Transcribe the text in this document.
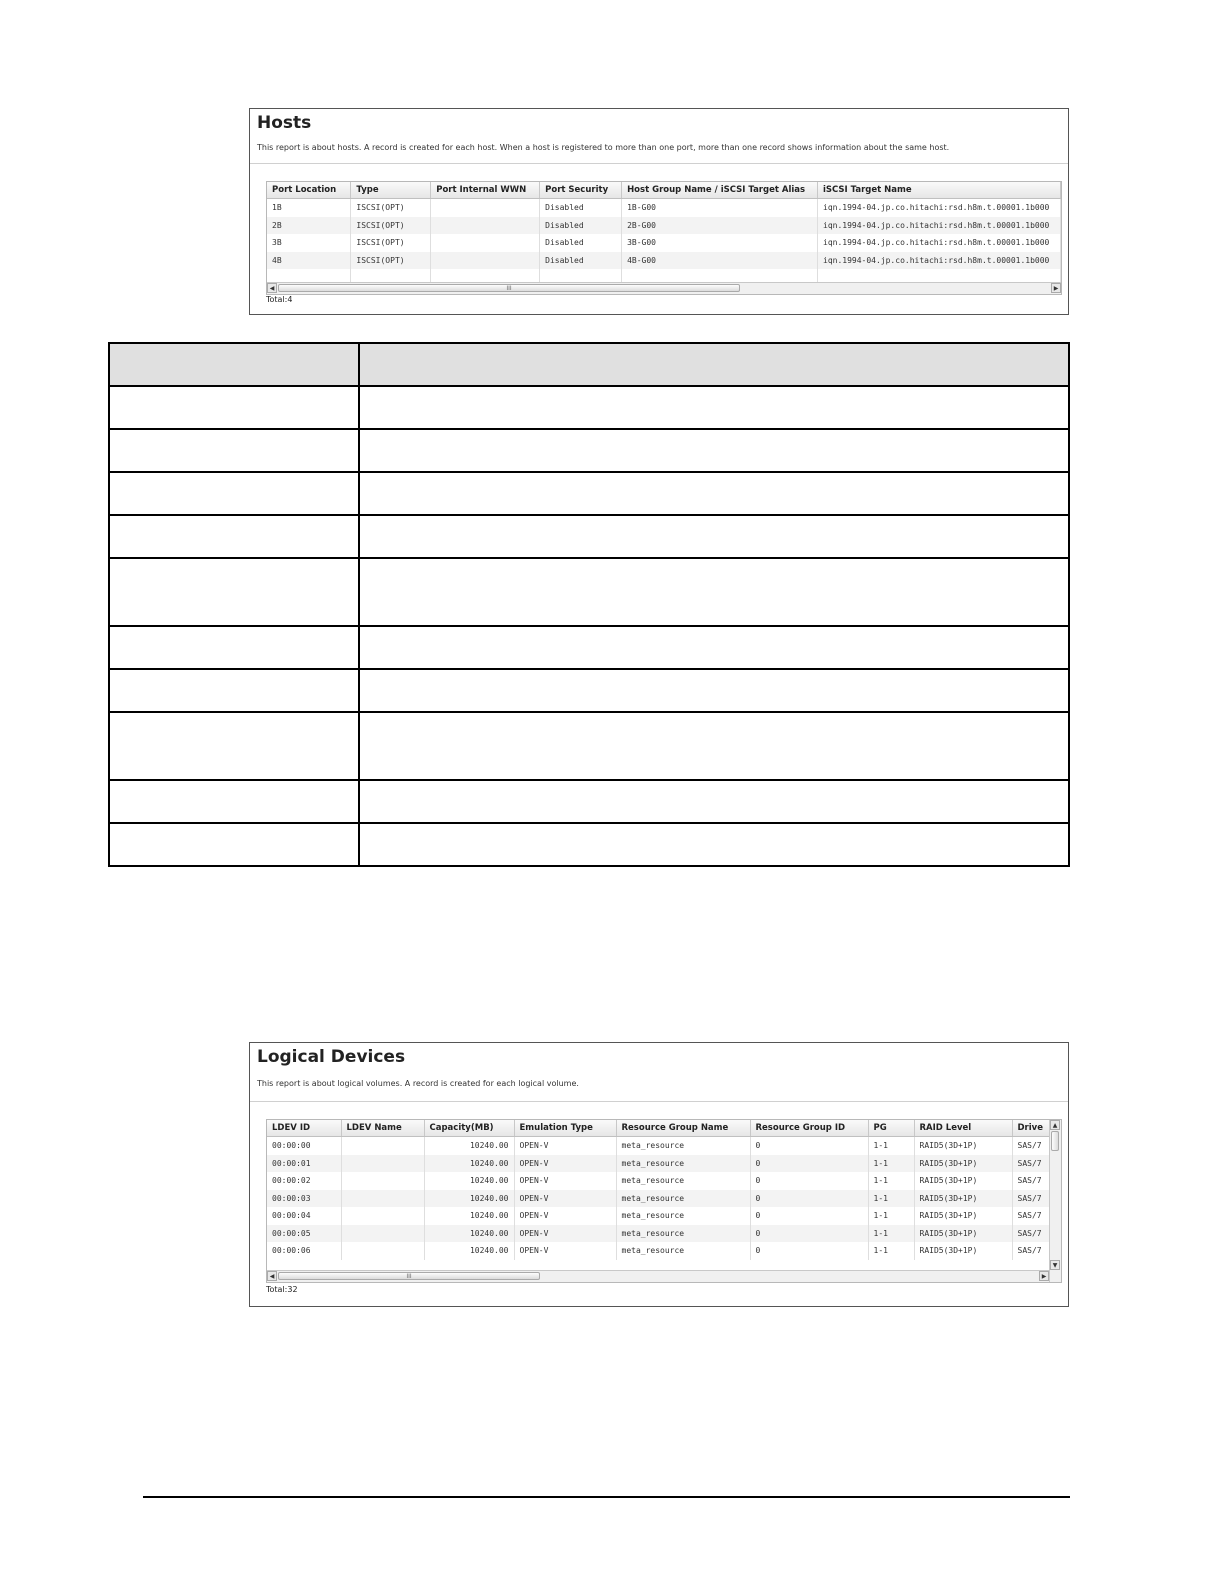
Hosts
This report is about hosts. A record is created for each host. When a host is registered to more than one port, more than one record shows information about the same host.
Port Location	Type	Port Internal WWN	Port Security	Host Group Name / iSCSI Target Alias	iSCSI Target Name
1B	ISCSI(OPT)		Disabled	1B-G00	iqn.1994-04.jp.co.hitachi:rsd.h8m.t.00001.1b000
2B	ISCSI(OPT)		Disabled	2B-G00	iqn.1994-04.jp.co.hitachi:rsd.h8m.t.00001.1b000
3B	ISCSI(OPT)		Disabled	3B-G00	iqn.1994-04.jp.co.hitachi:rsd.h8m.t.00001.1b000
4B	ISCSI(OPT)		Disabled	4B-G00	iqn.1994-04.jp.co.hitachi:rsd.h8m.t.00001.1b000

◀	III	▶
Total:4

Logical Devices
This report is about logical volumes. A record is created for each logical volume.
LDEV ID	LDEV Name	Capacity(MB)	Emulation Type	Resource Group Name	Resource Group ID	PG	RAID Level	Drive
00:00:00		10240.00	OPEN-V	meta_resource	0	1-1	RAID5(3D+1P)	SAS/7
00:00:01		10240.00	OPEN-V	meta_resource	0	1-1	RAID5(3D+1P)	SAS/7
00:00:02		10240.00	OPEN-V	meta_resource	0	1-1	RAID5(3D+1P)	SAS/7
00:00:03		10240.00	OPEN-V	meta_resource	0	1-1	RAID5(3D+1P)	SAS/7
00:00:04		10240.00	OPEN-V	meta_resource	0	1-1	RAID5(3D+1P)	SAS/7
00:00:05		10240.00	OPEN-V	meta_resource	0	1-1	RAID5(3D+1P)	SAS/7
00:00:06		10240.00	OPEN-V	meta_resource	0	1-1	RAID5(3D+1P)	SAS/7
▲
▼
◀	III	▶
Total:32
